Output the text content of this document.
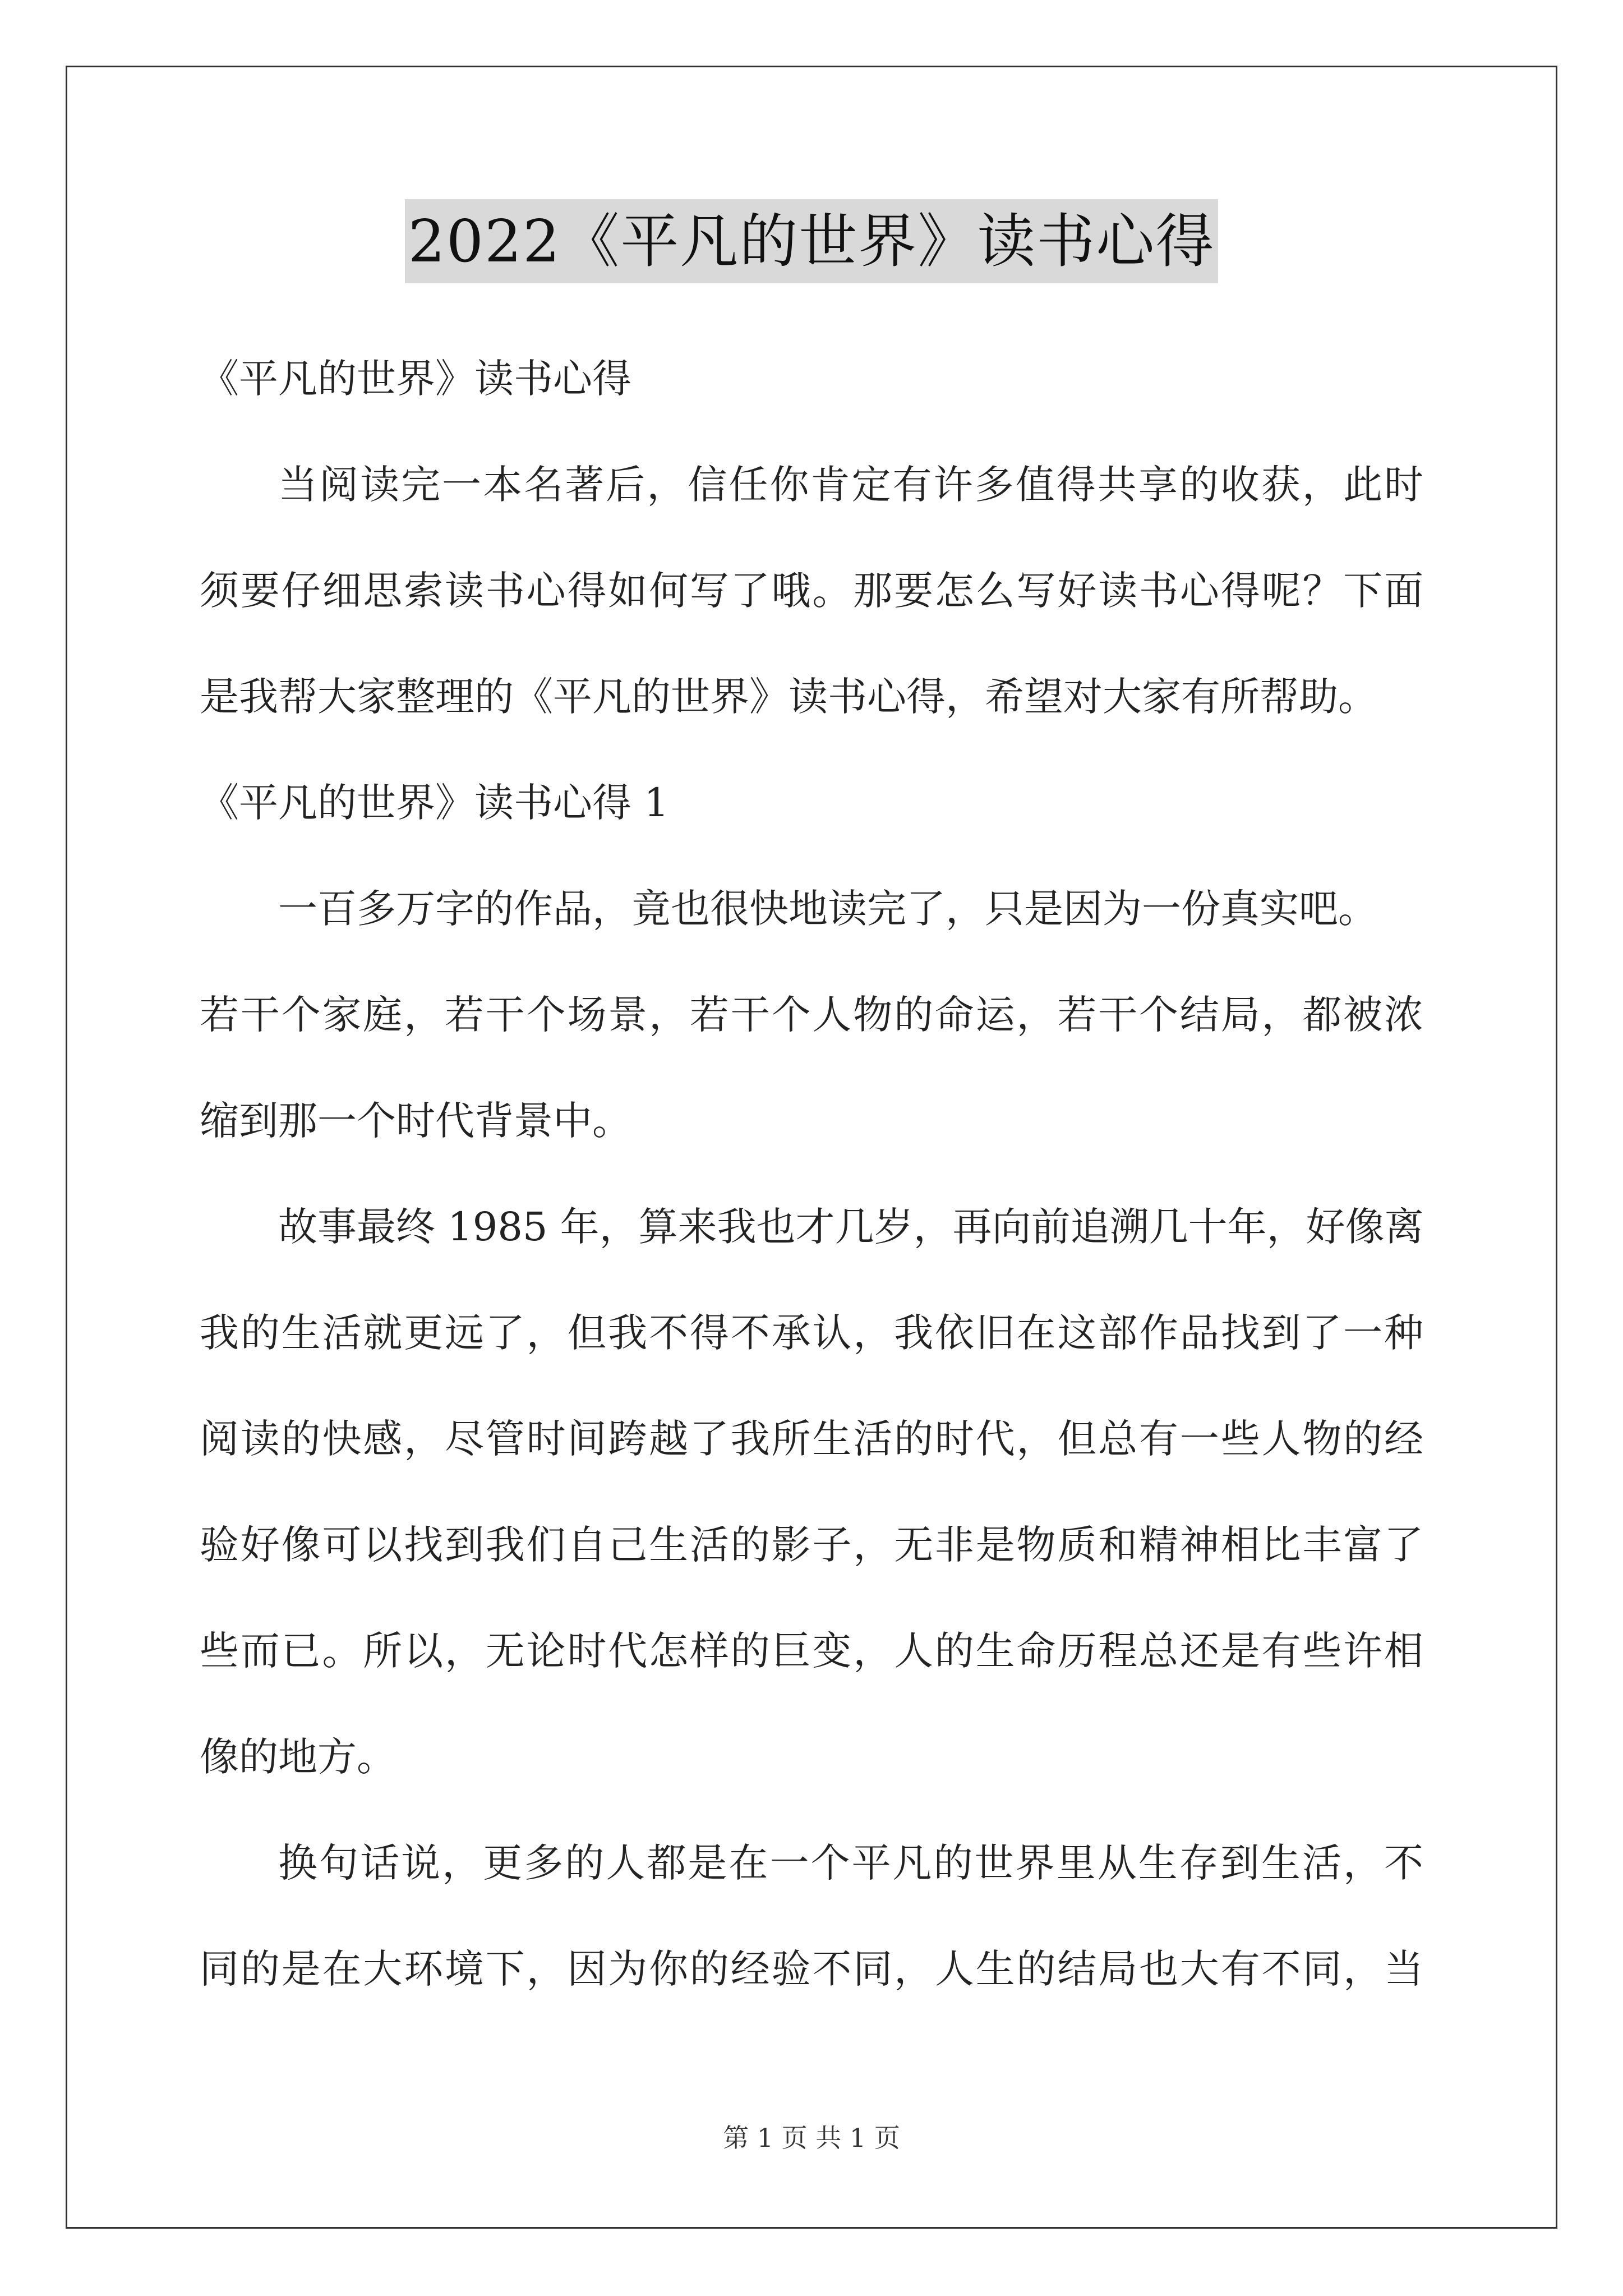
2022《平凡的世界》读书心得
《平凡的世界》读书心得
当阅读完一本名著后，信任你肯定有许多值得共享的收获，此时
须要仔细思索读书心得如何写了哦。那要怎么写好读书心得呢？下面
是我帮大家整理的《平凡的世界》读书心得，希望对大家有所帮助。
《平凡的世界》读书心得 1
一百多万字的作品，竟也很快地读完了，只是因为一份真实吧。
若干个家庭，若干个场景，若干个人物的命运，若干个结局，都被浓
缩到那一个时代背景中。
故事最终 1985 年，算来我也才几岁，再向前追溯几十年，好像离
我的生活就更远了，但我不得不承认，我依旧在这部作品找到了一种
阅读的快感，尽管时间跨越了我所生活的时代，但总有一些人物的经
验好像可以找到我们自己生活的影子，无非是物质和精神相比丰富了
些而已。所以，无论时代怎样的巨变，人的生命历程总还是有些许相
像的地方。
换句话说，更多的人都是在一个平凡的世界里从生存到生活，不
同的是在大环境下，因为你的经验不同，人生的结局也大有不同，当
第 1 页 共 1 页
